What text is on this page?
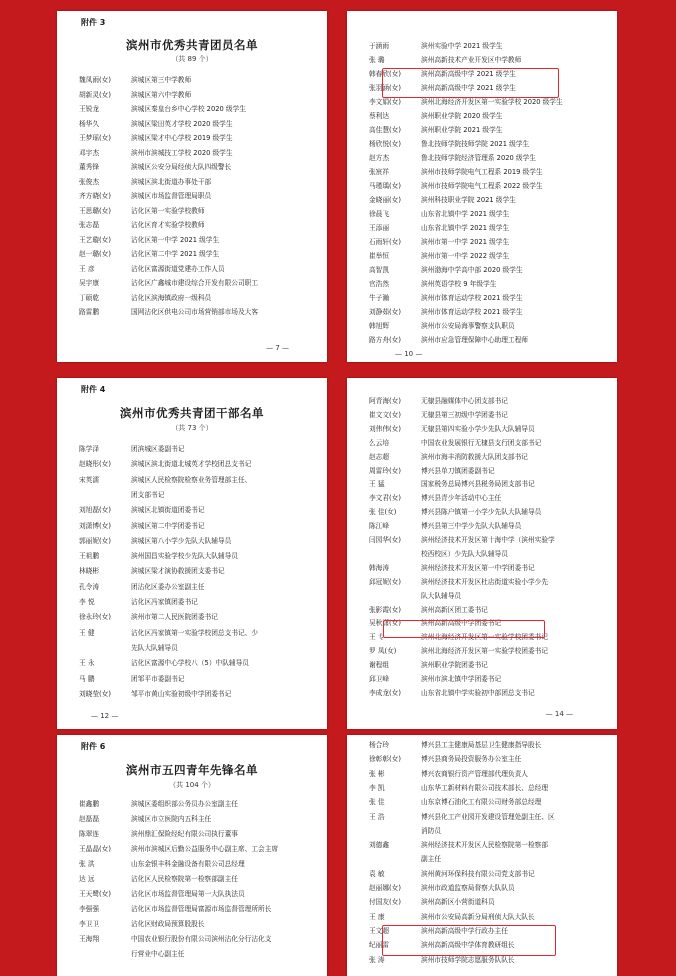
附件 3
滨州市优秀共青团员名单
（共 89 个）
魏凤雨(女)	滨城区第三中学教师
胡新灵(女)	滨城区第六中学教师
王锐龙	滨城区秦皇台乡中心学校 2020 级学生
杨华久	滨城区梁田英才学校 2020 级学生
王梦瑶(女)	滨城区梁才中心学校 2019 级学生
邓宇杰	滨州市滨城技工学校 2020 级学生
董秀锋	滨城区公安分局经侦大队四级警长
张俊杰	滨城区滨北街道办事处干部
齐方晓(女)	滨城区市场监督管理局职员
王思璐(女)	沾化区第一实验学校教师
张志磊	沾化区育才实验学校教师
王艺璇(女)	沾化区第一中学 2021 级学生
赵一璐(女)	沾化区第二中学 2021 级学生
王 彦	沾化区富源街道党建办工作人员
吴宇康	沾化区广鑫城市建设综合开发有限公司职工
丁硕乾	沾化区滨海镇政府一级科员
路雷鹏	国网沾化区供电公司市场营销部市场及大客
— 7 —
于涵雨	滨州实验中学 2021 级学生
张 璐	滨州高新技术产业开发区中学教师
韩春欣(女)	滨州高新高级中学 2021 级学生
张羽涵(女)	滨州高新高级中学 2021 级学生
李文娟(女)	滨州北海经济开发区第一实验学校 2020 级学生
蔡利达	滨州职业学院 2020 级学生
高佳慧(女)	滨州职业学院 2021 级学生
杨欣悦(女)	鲁北技师学院技师学院 2021 级学生
赵方杰	鲁北技师学院经济管理系 2020 级学生
张宸祥	滨州市技师学院电气工程系 2019 级学生
马瑾瑀(女)	滨州市技师学院电气工程系 2022 级学生
金晓丽(女)	滨州科技职业学院 2021 级学生
徐晨飞	山东省北镇中学 2021 级学生
王添丽	山东省北镇中学 2021 级学生
石雨轩(女)	滨州市第一中学 2021 级学生
崔举恒	滨州市第一中学 2022 级学生
高智凯	滨州渤海中学高中部 2020 级学生
官浩然	滨州英语学校 9 年级学生
牛子瀚	滨州市体育运动学校 2021 级学生
刘静茹(女)	滨州市体育运动学校 2021 级学生
韩旭辉	滨州市公安局海事警察支队职员
路方舟(女)	滨州市应急管理保障中心助理工程师
— 10 —
附件 4
滨州市优秀共青团干部名单
（共 73 个）
陈学泽	团滨城区委副书记
赵晓彤(女)	滨城区滨北街道北城英才学校团总支书记
宋英濡	滨城区人民检察院检察业务管理部主任、
团支部书记
刘旭磊(女)	滨城区北镇街道团委书记
刘潇博(女)	滨城区第二中学团委书记
郭丽妮(女)	滨城区第八小学少先队大队辅导员
王祖鹏	滨州国昌实验学校少先队大队辅导员
林晓彬	滨城区梁才演协救援团支委书记
孔令涛	团沾化区委办公室副主任
李 悦	沾化区冯家镇团委书记
徐永玲(女)	滨州市第二人民医院团委书记
王 健	沾化区冯家镇第一实验学校团总支书记、少
先队大队辅导员
王 永	沾化区富源中心学校八（5）中队辅导员
马 鹏	团邹平市委副书记
刘晓莹(女)	邹平市黄山实验初级中学团委书记
— 12 —
阿青海(女)	无棣县融媒体中心团支部书记
崔文文(女)	无棣县第三初级中学团委书记
刘伟伟(女)	无棣县第四实验小学少先队大队辅导员
么云培	中国农业发展银行无棣县支行团支部书记
赵志超	滨州市海丰消防救援大队团支部书记
周雷玲(女)	博兴县单刀镇团委副书记
王 猛	国家税务总局博兴县税务局团支部书记
李文君(女)	博兴县青少年活动中心主任
张 佳(女)	博兴县陈户镇第一小学少先队大队辅导员
陈江峰	博兴县第三中学少先队大队辅导员
闫园华(女)	滨州经济技术开发区第十海中学（滨州实验学
校西校区）少先队大队辅导员
韩海涛	滨州经济技术开发区第一中学团委书记
邱冠妮(女)	滨州经济技术开发区杜店街道实验小学少先
队大队辅导员
张影霞(女)	滨州高新区团工委书记
吴秋潇(女)	滨州高新高级中学团委书记
王 专	滨州北海经济开发区第一实验学校团委书记
罗 凤(女)	滨州北海经济开发区第一实验学校团委书记
谢程组	滨州职业学院团委书记
邱卫峰	滨州市滨北镇中学团委书记
李成龙(女)	山东省北镇中学实验初中部团总支书记
— 14 —
附件 6
滨州市五四青年先锋名单
（共 104 个）
崔鑫鹏	滨城区委组织部公务员办公室副主任
赵磊磊	滨城区市立医院内五科主任
陈翠连	滨州鼎汇保险经纪有限公司执行董事
王晶晶(女)	滨州市滨城区后勤公益服务中心副主席、工会主席
张 洪	山东金银丰科金融设备有限公司总经理
达 远	沾化区人民检察院第一检察部副主任
王天鹭(女)	沾化区市场监督管理局第一大队执法员
李强强	沾化区市场监督管理局富源市场监督管理所所长
李卫卫	沾化区财政局预算股股长
王海翔	中国农业银行股份有限公司滨州沾化分行沾化支
行营业中心副主任
杨合玲	博兴县工主健康局基层卫生健康指导股长
徐彰彰(女)	博兴县商务局投资服务办公室主任
张 彬	博兴农商银行资产管理部代理负责人
李 凯	山东华工新材料有限公司技术部长、总经理
张 佳	山东京博石油化工有限公司财务部总经理
王 浩	博兴县化工产业园开发建设管理处副主任、区
消防员
刘德鑫	滨州经济技术开发区人民检察院第一检察部
副主任
袁 敏	滨州黄河环保科技有限公司党支部书记
赵丽娜(女)	滨州市政道监察局督察大队队员
付国友(女)	滨州高新区小营街道科员
王 康	滨州市公安局高新分局刑侦大队大队长
王文超	滨州高新高级中学行政办主任
纪丽雷	滨州高新高级中学体育教研组长
张 涛	滨州市技师学院志愿服务队队长
